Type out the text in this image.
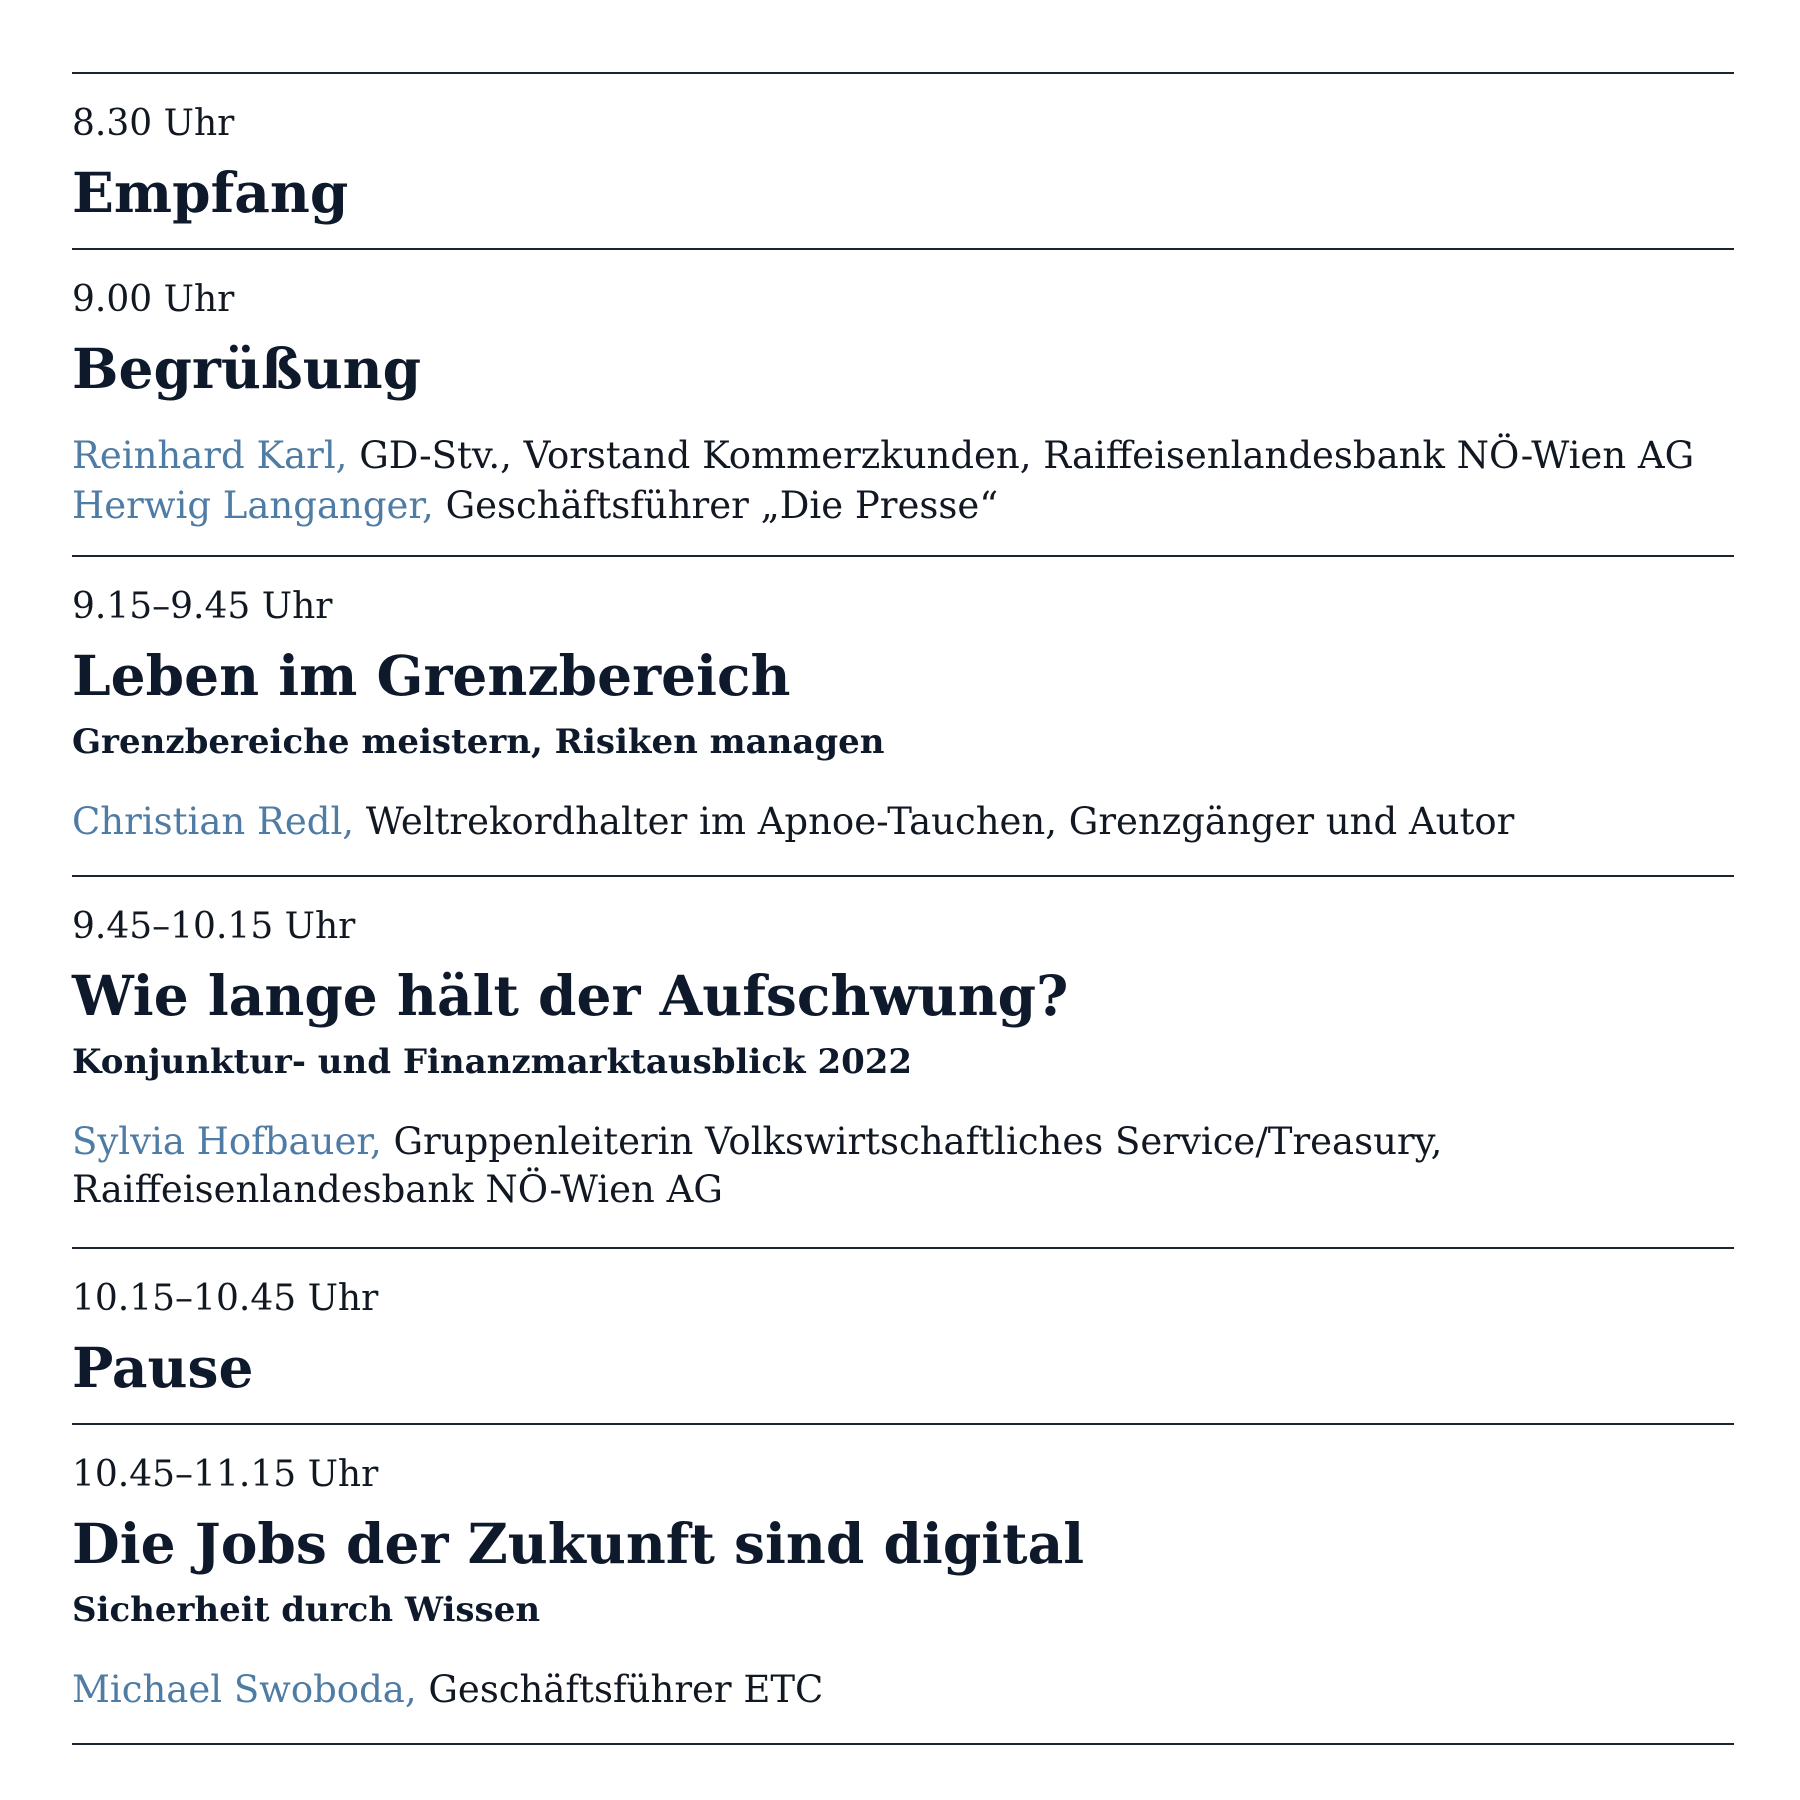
8.30 Uhr
Empfang
9.00 Uhr
Begrüßung
Reinhard Karl, GD-Stv., Vorstand Kommerzkunden, Raiffeisenlandesbank NÖ-Wien AG
Herwig Langanger, Geschäftsführer „Die Presse“
9.15–9.45 Uhr
Leben im Grenzbereich
Grenzbereiche meistern, Risiken managen
Christian Redl, Weltrekordhalter im Apnoe-Tauchen, Grenzgänger und Autor
9.45–10.15 Uhr
Wie lange hält der Aufschwung?
Konjunktur- und Finanzmarktausblick 2022
Sylvia Hofbauer, Gruppenleiterin Volkswirtschaftliches Service/Treasury,
Raiffeisenlandesbank NÖ-Wien AG
10.15–10.45 Uhr
Pause
10.45–11.15 Uhr
Die Jobs der Zukunft sind digital
Sicherheit durch Wissen
Michael Swoboda, Geschäftsführer ETC
